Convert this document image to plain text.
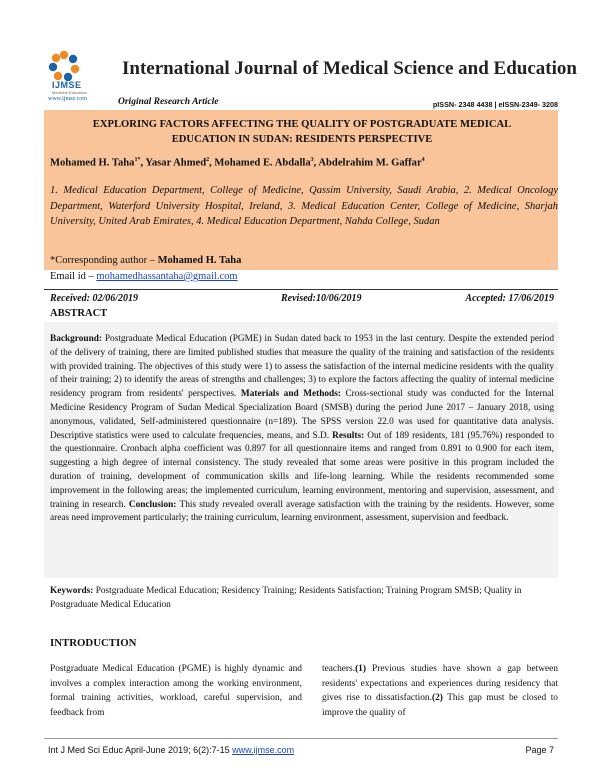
IJMSE
Medicine Education
www.ijmse.com
International Journal of Medical Science and Education
Original Research Article	pISSN- 2348 4438 | eISSN-2349- 3208
EXPLORING FACTORS AFFECTING THE QUALITY OF POSTGRADUATE MEDICAL EDUCATION IN SUDAN: RESIDENTS PERSPECTIVE
Mohamed H. Taha$^{1*}$, Yasar Ahmed$^2$, Mohamed E. Abdalla$^3$, Abdelrahim M. Gaffar$^4$
1. Medical Education Department, College of Medicine, Qassim University, Saudi Arabia, 2. Medical Oncology Department, Waterford University Hospital, Ireland, 3. Medical Education Center, College of Medicine, Sharjah University, United Arab Emirates, 4. Medical Education Department, Nahda College, Sudan
*Corresponding author – Mohamed H. Taha
Email id – mohamedhassantaha@gmail.com
Received: 02/06/2019	Revised:10/06/2019	Accepted: 17/06/2019
ABSTRACT
Background: Postgraduate Medical Education (PGME) in Sudan dated back to 1953 in the last century. Despite the extended period of the delivery of training, there are limited published studies that measure the quality of the training and satisfaction of the residents with provided training. The objectives of this study were 1) to assess the satisfaction of the internal medicine residents with the quality of their training; 2) to identify the areas of strengths and challenges; 3) to explore the factors affecting the quality of internal medicine residency program from residents' perspectives. Materials and Methods: Cross-sectional study was conducted for the Internal Medicine Residency Program of Sudan Medical Specialization Board (SMSB) during the period June 2017 – January 2018, using anonymous, validated, Self-administered questionnaire (n=189). The SPSS version 22.0 was used for quantitative data analysis. Descriptive statistics were used to calculate frequencies, means, and S.D. Results: Out of 189 residents, 181 (95.76%) responded to the questionnaire. Cronbach alpha coefficient was 0.897 for all questionnaire items and ranged from 0.891 to 0.900 for each item, suggesting a high degree of internal consistency. The study revealed that some areas were positive in this program included the duration of training, development of communication skills and life-long learning. While the residents recommended some improvement in the following areas; the implemented curriculum, learning environment, mentoring and supervision, assessment, and training in research. Conclusion: This study revealed overall average satisfaction with the training by the residents. However, some areas need improvement particularly; the training curriculum, learning environment, assessment, supervision and feedback.
Keywords: Postgraduate Medical Education; Residency Training; Residents Satisfaction; Training Program SMSB; Quality in Postgraduate Medical Education
INTRODUCTION
Postgraduate Medical Education (PGME) is highly dynamic and involves a complex interaction among the working environment, formal training activities, workload, careful supervision, and feedback from
teachers.(1) Previous studies have shown a gap between residents' expectations and experiences during residency that gives rise to dissatisfaction.(2) This gap must be closed to improve the quality of
Int J Med Sci Educ April-June 2019; 6(2):7-15 www.ijmse.com	Page 7
